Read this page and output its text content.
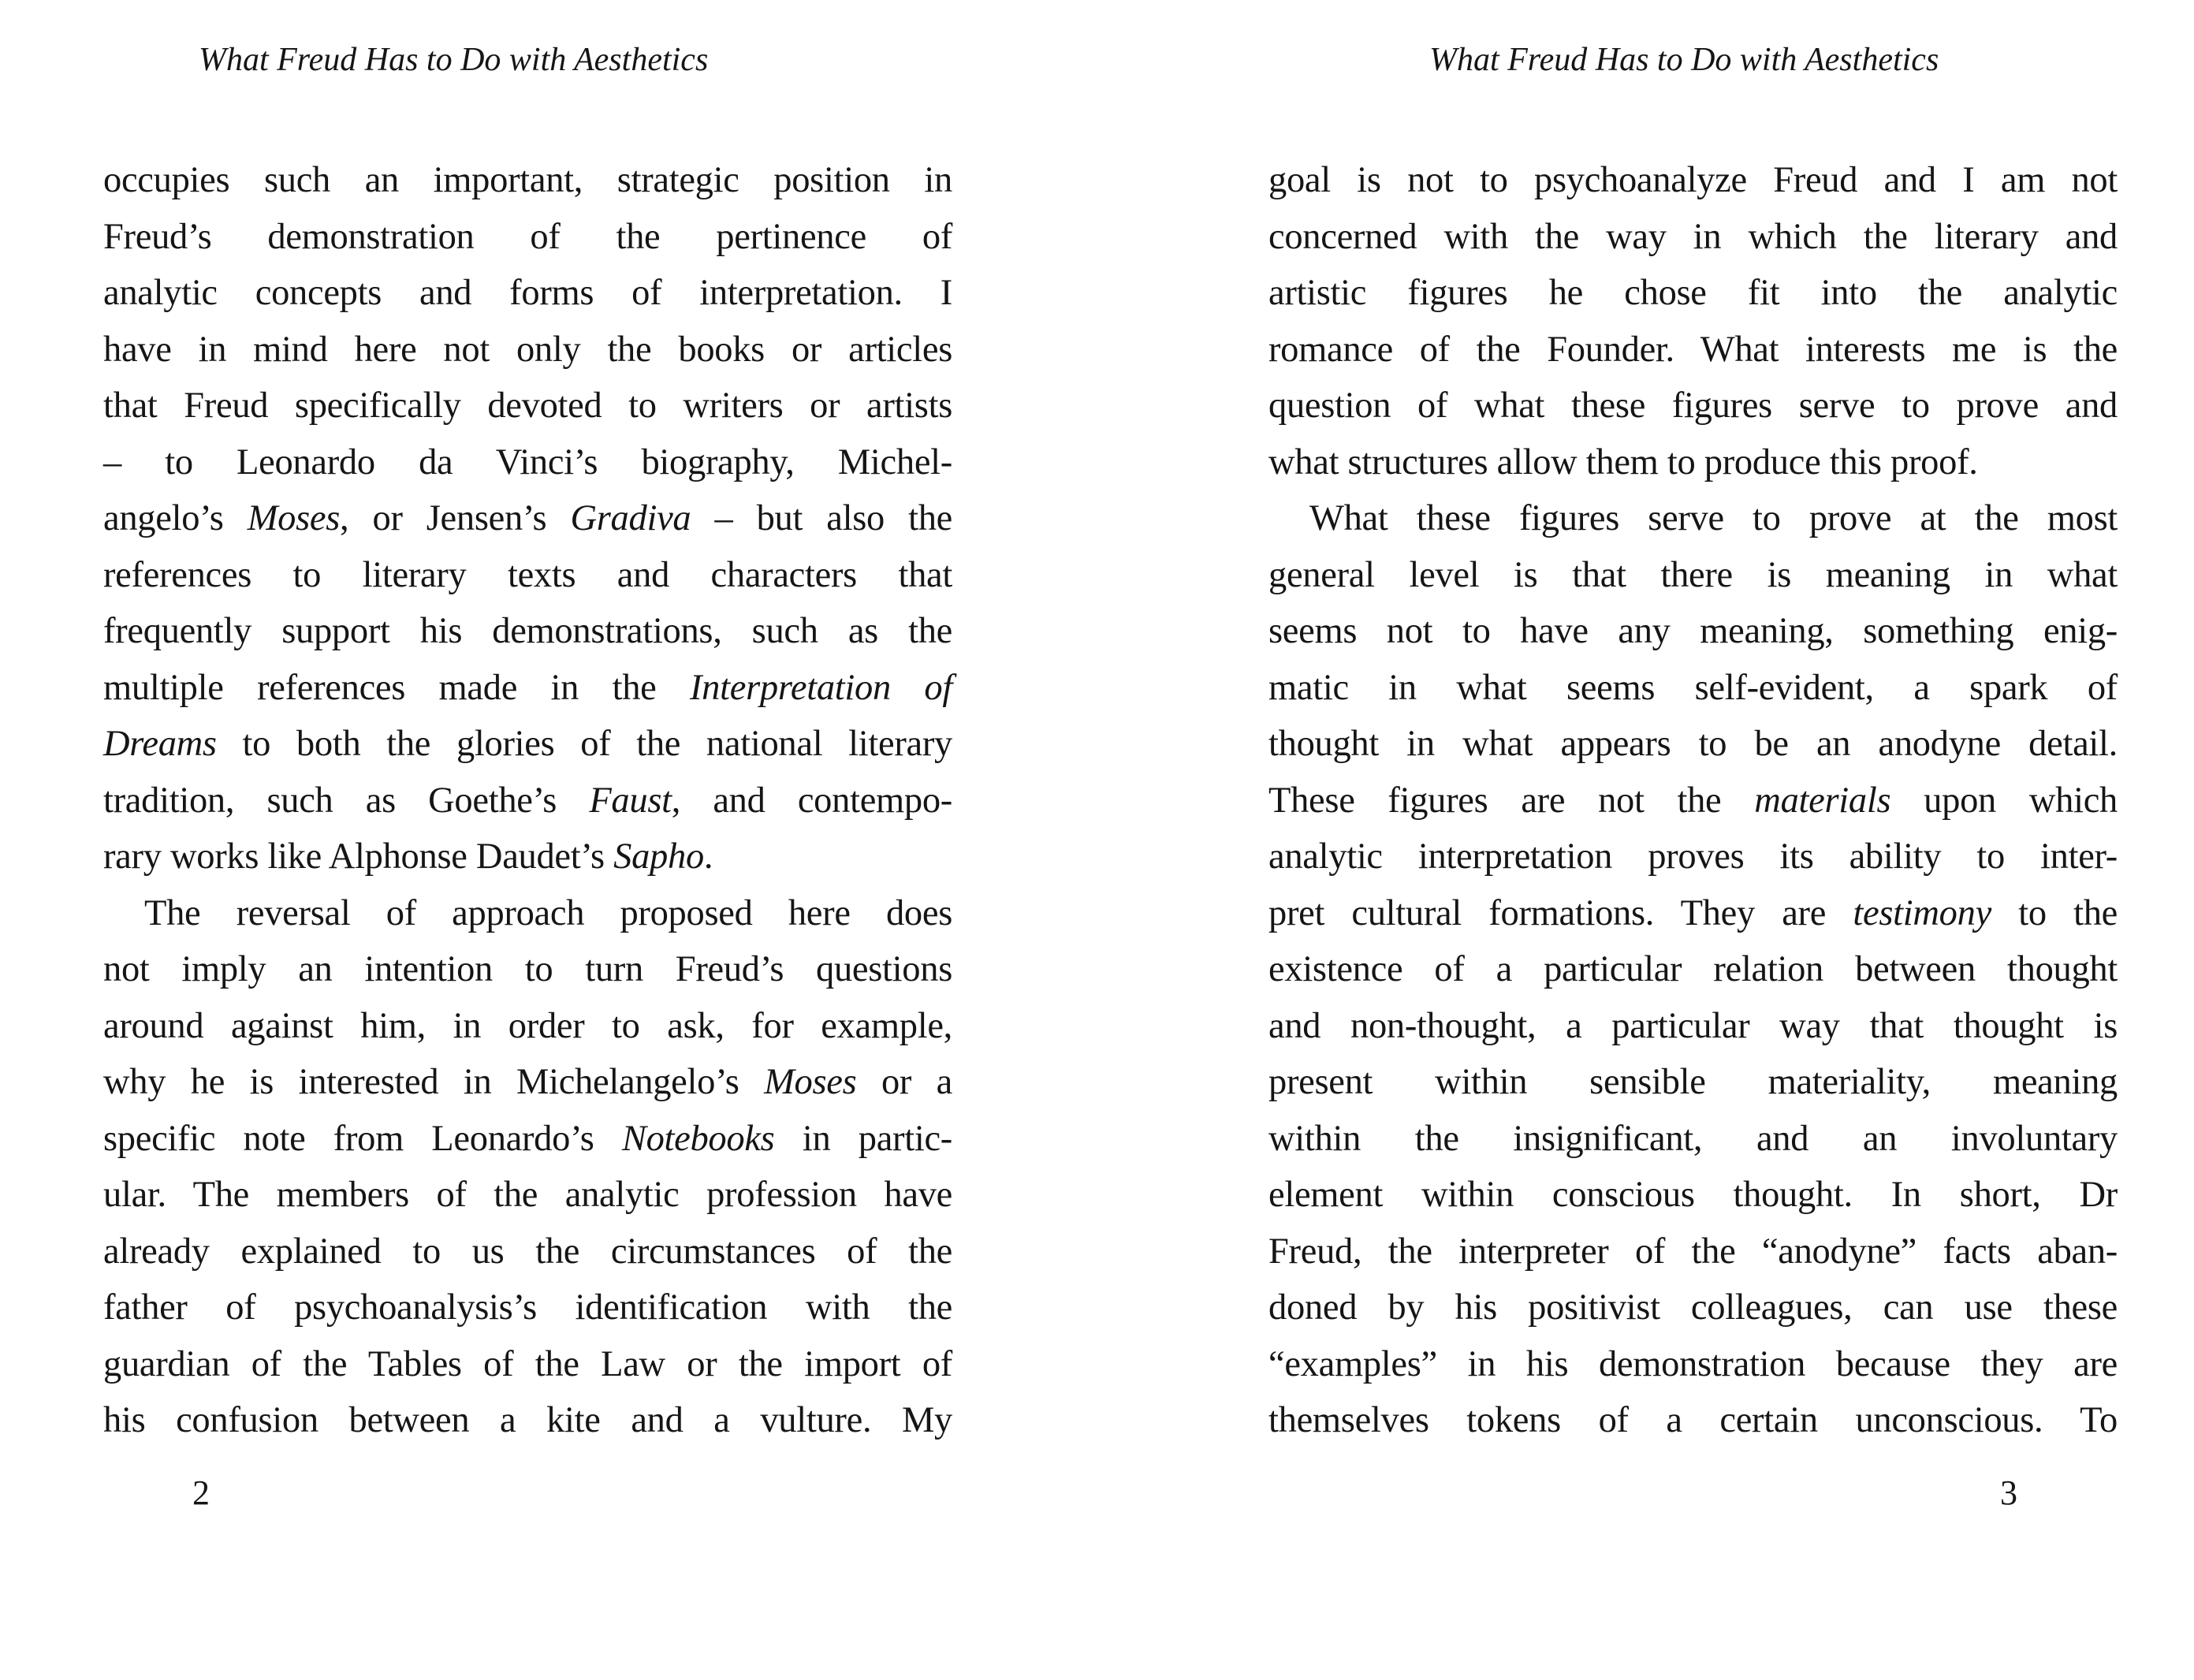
What Freud Has to Do with Aesthetics
occupies such an important, strategic position in
Freud’s demonstration of the pertinence of
analytic concepts and forms of interpretation. I
have in mind here not only the books or articles
that Freud specifically devoted to writers or artists
– to Leonardo da Vinci’s biography, Michel-
angelo’s Moses, or Jensen’s Gradiva – but also the
references to literary texts and characters that
frequently support his demonstrations, such as the
multiple references made in the Interpretation of
Dreams to both the glories of the national literary
tradition, such as Goethe’s Faust, and contempo-
rary works like Alphonse Daudet’s Sapho.
The reversal of approach proposed here does
not imply an intention to turn Freud’s questions
around against him, in order to ask, for example,
why he is interested in Michelangelo’s Moses or a
specific note from Leonardo’s Notebooks in partic-
ular. The members of the analytic profession have
already explained to us the circumstances of the
father of psychoanalysis’s identification with the
guardian of the Tables of the Law or the import of
his confusion between a kite and a vulture. My
2
What Freud Has to Do with Aesthetics
goal is not to psychoanalyze Freud and I am not
concerned with the way in which the literary and
artistic figures he chose fit into the analytic
romance of the Founder. What interests me is the
question of what these figures serve to prove and
what structures allow them to produce this proof.
What these figures serve to prove at the most
general level is that there is meaning in what
seems not to have any meaning, something enig-
matic in what seems self-evident, a spark of
thought in what appears to be an anodyne detail.
These figures are not the materials upon which
analytic interpretation proves its ability to inter-
pret cultural formations. They are testimony to the
existence of a particular relation between thought
and non-thought, a particular way that thought is
present within sensible materiality, meaning
within the insignificant, and an involuntary
element within conscious thought. In short, Dr
Freud, the interpreter of the “anodyne” facts aban-
doned by his positivist colleagues, can use these
“examples” in his demonstration because they are
themselves tokens of a certain unconscious. To
3
